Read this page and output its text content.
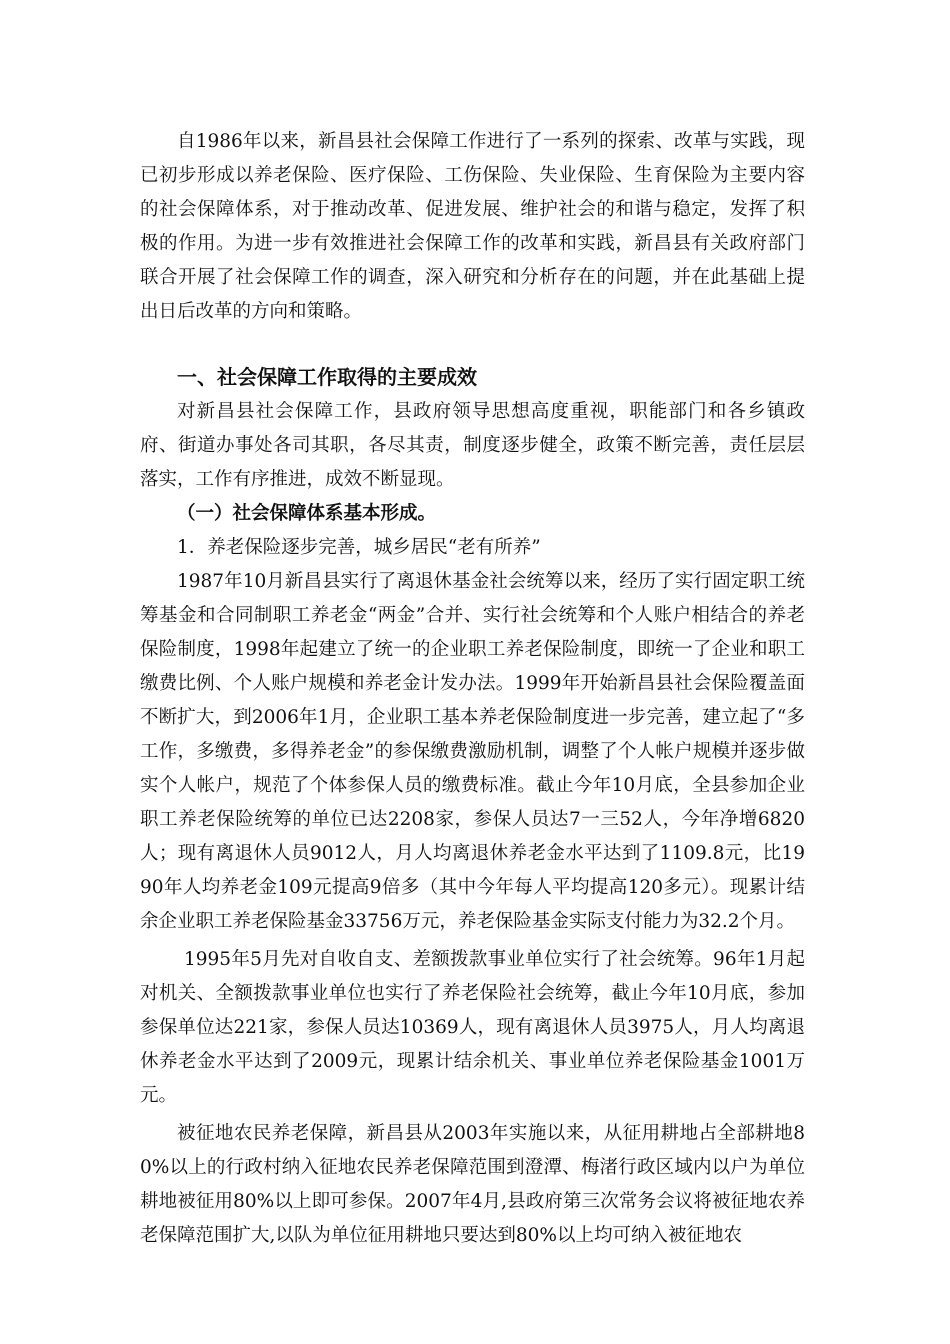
自1986年以来，新昌县社会保障工作进行了一系列的探索、改革与实践，现已初步形成以养老保险、医疗保险、工伤保险、失业保险、生育保险为主要内容的社会保障体系，对于推动改革、促进发展、维护社会的和谐与稳定，发挥了积极的作用。为进一步有效推进社会保障工作的改革和实践，新昌县有关政府部门联合开展了社会保障工作的调查，深入研究和分析存在的问题，并在此基础上提出日后改革的方向和策略。

一、社会保障工作取得的主要成效

对新昌县社会保障工作，县政府领导思想高度重视，职能部门和各乡镇政府、街道办事处各司其职，各尽其责，制度逐步健全，政策不断完善，责任层层落实，工作有序推进，成效不断显现。

（一）社会保障体系基本形成。

1．养老保险逐步完善，城乡居民“老有所养”

1987年10月新昌县实行了离退休基金社会统筹以来，经历了实行固定职工统筹基金和合同制职工养老金“两金”合并、实行社会统筹和个人账户相结合的养老保险制度，1998年起建立了统一的企业职工养老保险制度，即统一了企业和职工缴费比例、个人账户规模和养老金计发办法。1999年开始新昌县社会保险覆盖面不断扩大，到2006年1月，企业职工基本养老保险制度进一步完善，建立起了“多工作，多缴费，多得养老金”的参保缴费激励机制，调整了个人帐户规模并逐步做实个人帐户，规范了个体参保人员的缴费标准。截止今年10月底，全县参加企业职工养老保险统筹的单位已达2208家，参保人员达7一三52人，今年净增6820人；现有离退休人员9012人，月人均离退休养老金水平达到了1109.8元，比1990年人均养老金109元提高9倍多（其中今年每人平均提高120多元）。现累计结余企业职工养老保险基金33756万元，养老保险基金实际支付能力为32.2个月。

1995年5月先对自收自支、差额拨款事业单位实行了社会统筹。96年1月起对机关、全额拨款事业单位也实行了养老保险社会统筹，截止今年10月底，参加参保单位达221家，参保人员达10369人，现有离退休人员3975人，月人均离退休养老金水平达到了2009元，现累计结余机关、事业单位养老保险基金1001万元。

被征地农民养老保障，新昌县从2003年实施以来，从征用耕地占全部耕地80%以上的行政村纳入征地农民养老保障范围到澄潭、梅渚行政区域内以户为单位耕地被征用80%以上即可参保。2007年4月,县政府第三次常务会议将被征地农养老保障范围扩大,以队为单位征用耕地只要达到80%以上均可纳入被征地农
